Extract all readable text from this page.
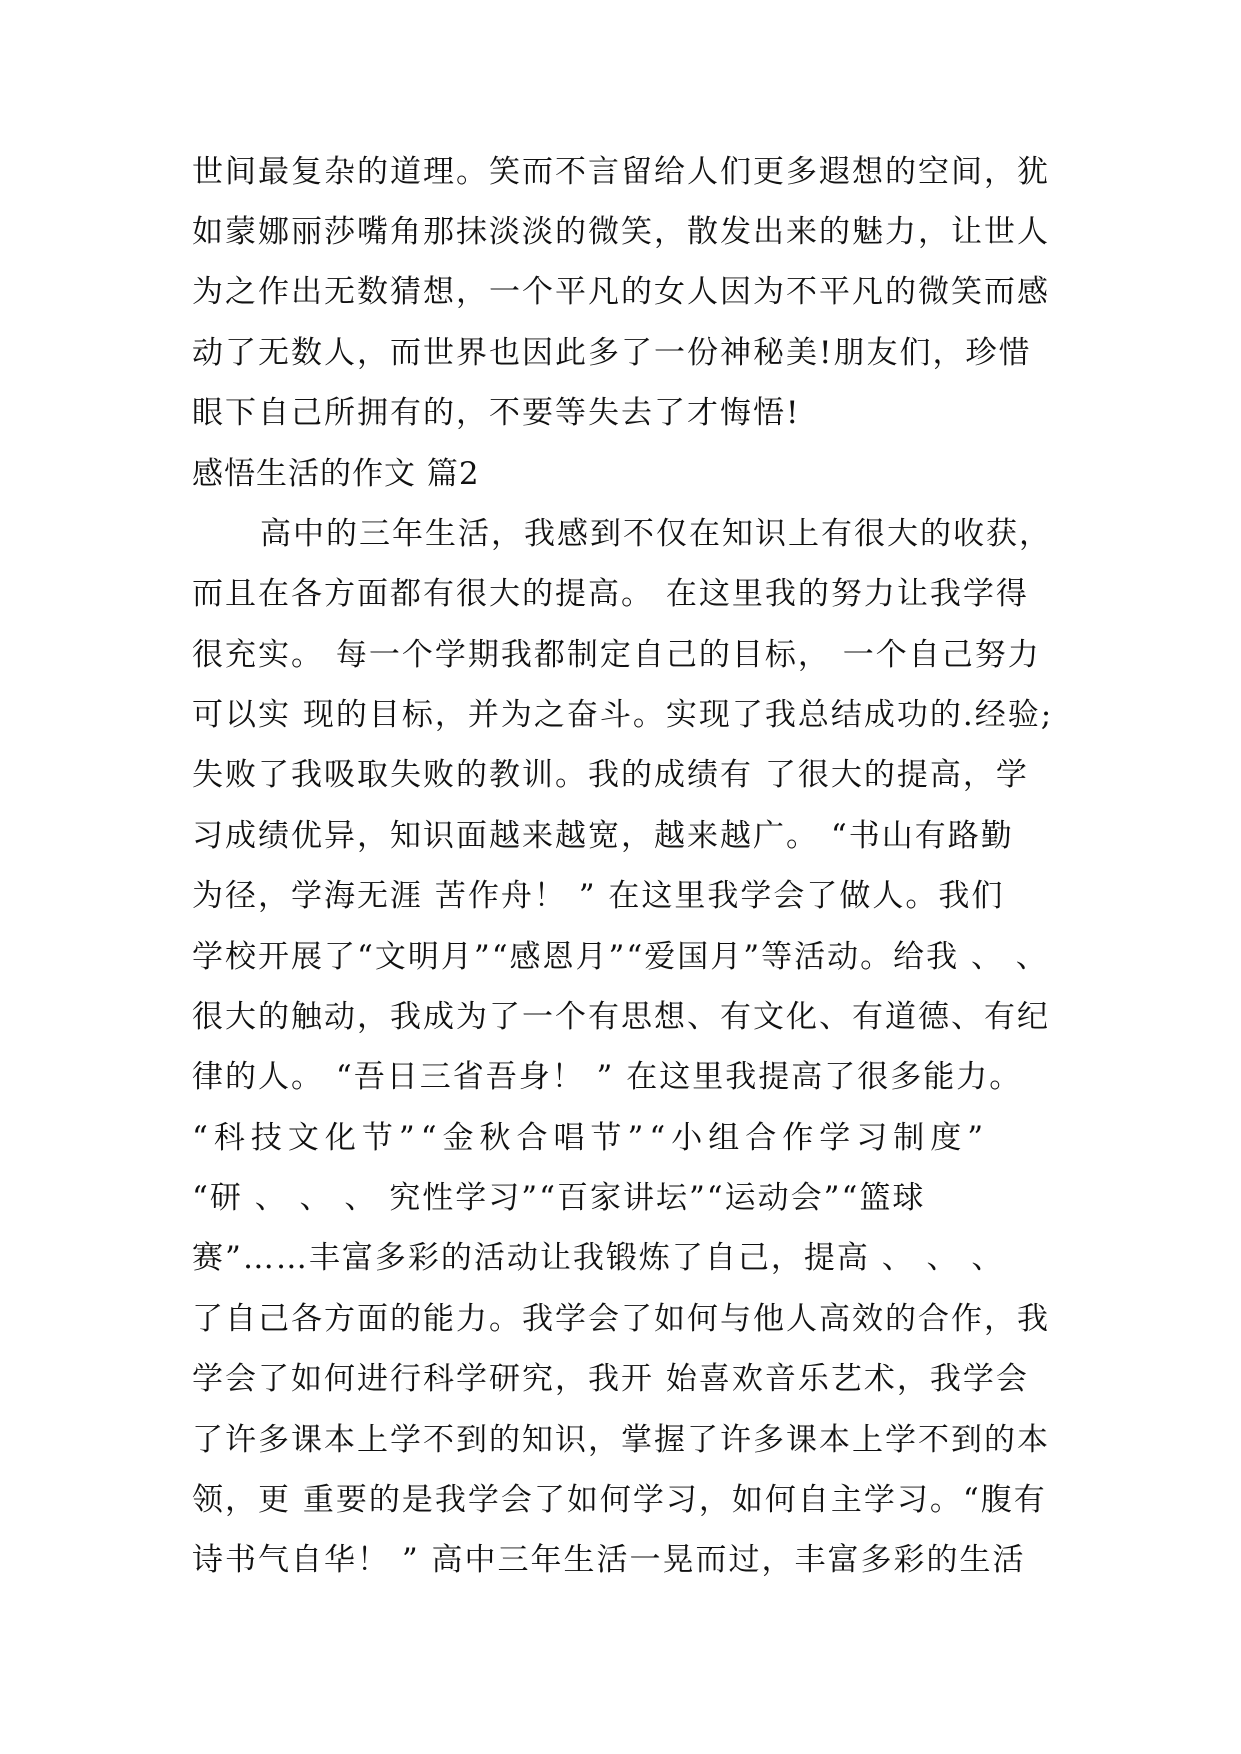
世间最复杂的道理。笑而不言留给人们更多遐想的空间，犹
如蒙娜丽莎嘴角那抹淡淡的微笑，散发出来的魅力，让世人
为之作出无数猜想，一个平凡的女人因为不平凡的微笑而感
动了无数人，而世界也因此多了一份神秘美!朋友们，珍惜
眼下自己所拥有的，不要等失去了才悔悟!
感悟生活的作文 篇2
高中的三年生活，我感到不仅在知识上有很大的收获，
而且在各方面都有很大的提高。 在这里我的努力让我学得
很充实。 每一个学期我都制定自己的目标， 一个自己努力
可以实 现的目标，并为之奋斗。实现了我总结成功的.经验;
失败了我吸取失败的教训。我的成绩有 了很大的提高，学
习成绩优异，知识面越来越宽，越来越广。 “书山有路勤
为径，学海无涯 苦作舟！ ” 在这里我学会了做人。我们
学校开展了“文明月”“感恩月”“爱国月”等活动。给我 、 、
很大的触动，我成为了一个有思想、有文化、有道德、有纪
律的人。 “吾日三省吾身！ ” 在这里我提高了很多能力。
“科技文化节”“金秋合唱节”“小组合作学习制度”
“研 、 、 、 究性学习”“百家讲坛”“运动会”“篮球
赛”……丰富多彩的活动让我锻炼了自己，提高 、 、 、
了自己各方面的能力。我学会了如何与他人高效的合作，我
学会了如何进行科学研究，我开 始喜欢音乐艺术，我学会
了许多课本上学不到的知识，掌握了许多课本上学不到的本
领，更 重要的是我学会了如何学习，如何自主学习。“腹有
诗书气自华！ ” 高中三年生活一晃而过，丰富多彩的生活
